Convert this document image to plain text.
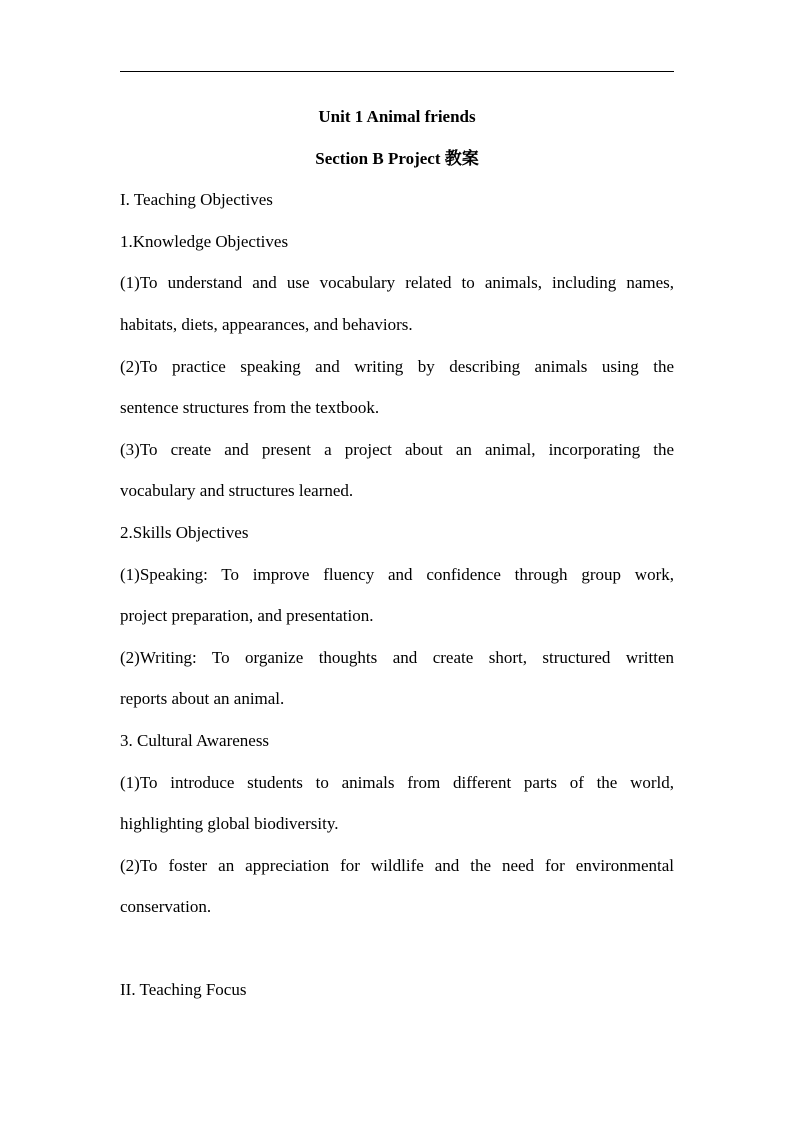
Unit 1 Animal friends
Section B Project 教案
I. Teaching Objectives
1.Knowledge Objectives
(1)To understand and use vocabulary related to animals, including names,
habitats, diets, appearances, and behaviors.
(2)To practice speaking and writing by describing animals using the
sentence structures from the textbook.
(3)To create and present a project about an animal, incorporating the
vocabulary and structures learned.
2.Skills Objectives
(1)Speaking: To improve fluency and confidence through group work,
project preparation, and presentation.
(2)Writing: To organize thoughts and create short, structured written
reports about an animal.
3. Cultural Awareness
(1)To introduce students to animals from different parts of the world,
highlighting global biodiversity.
(2)To foster an appreciation for wildlife and the need for environmental
conservation.
II. Teaching Focus
